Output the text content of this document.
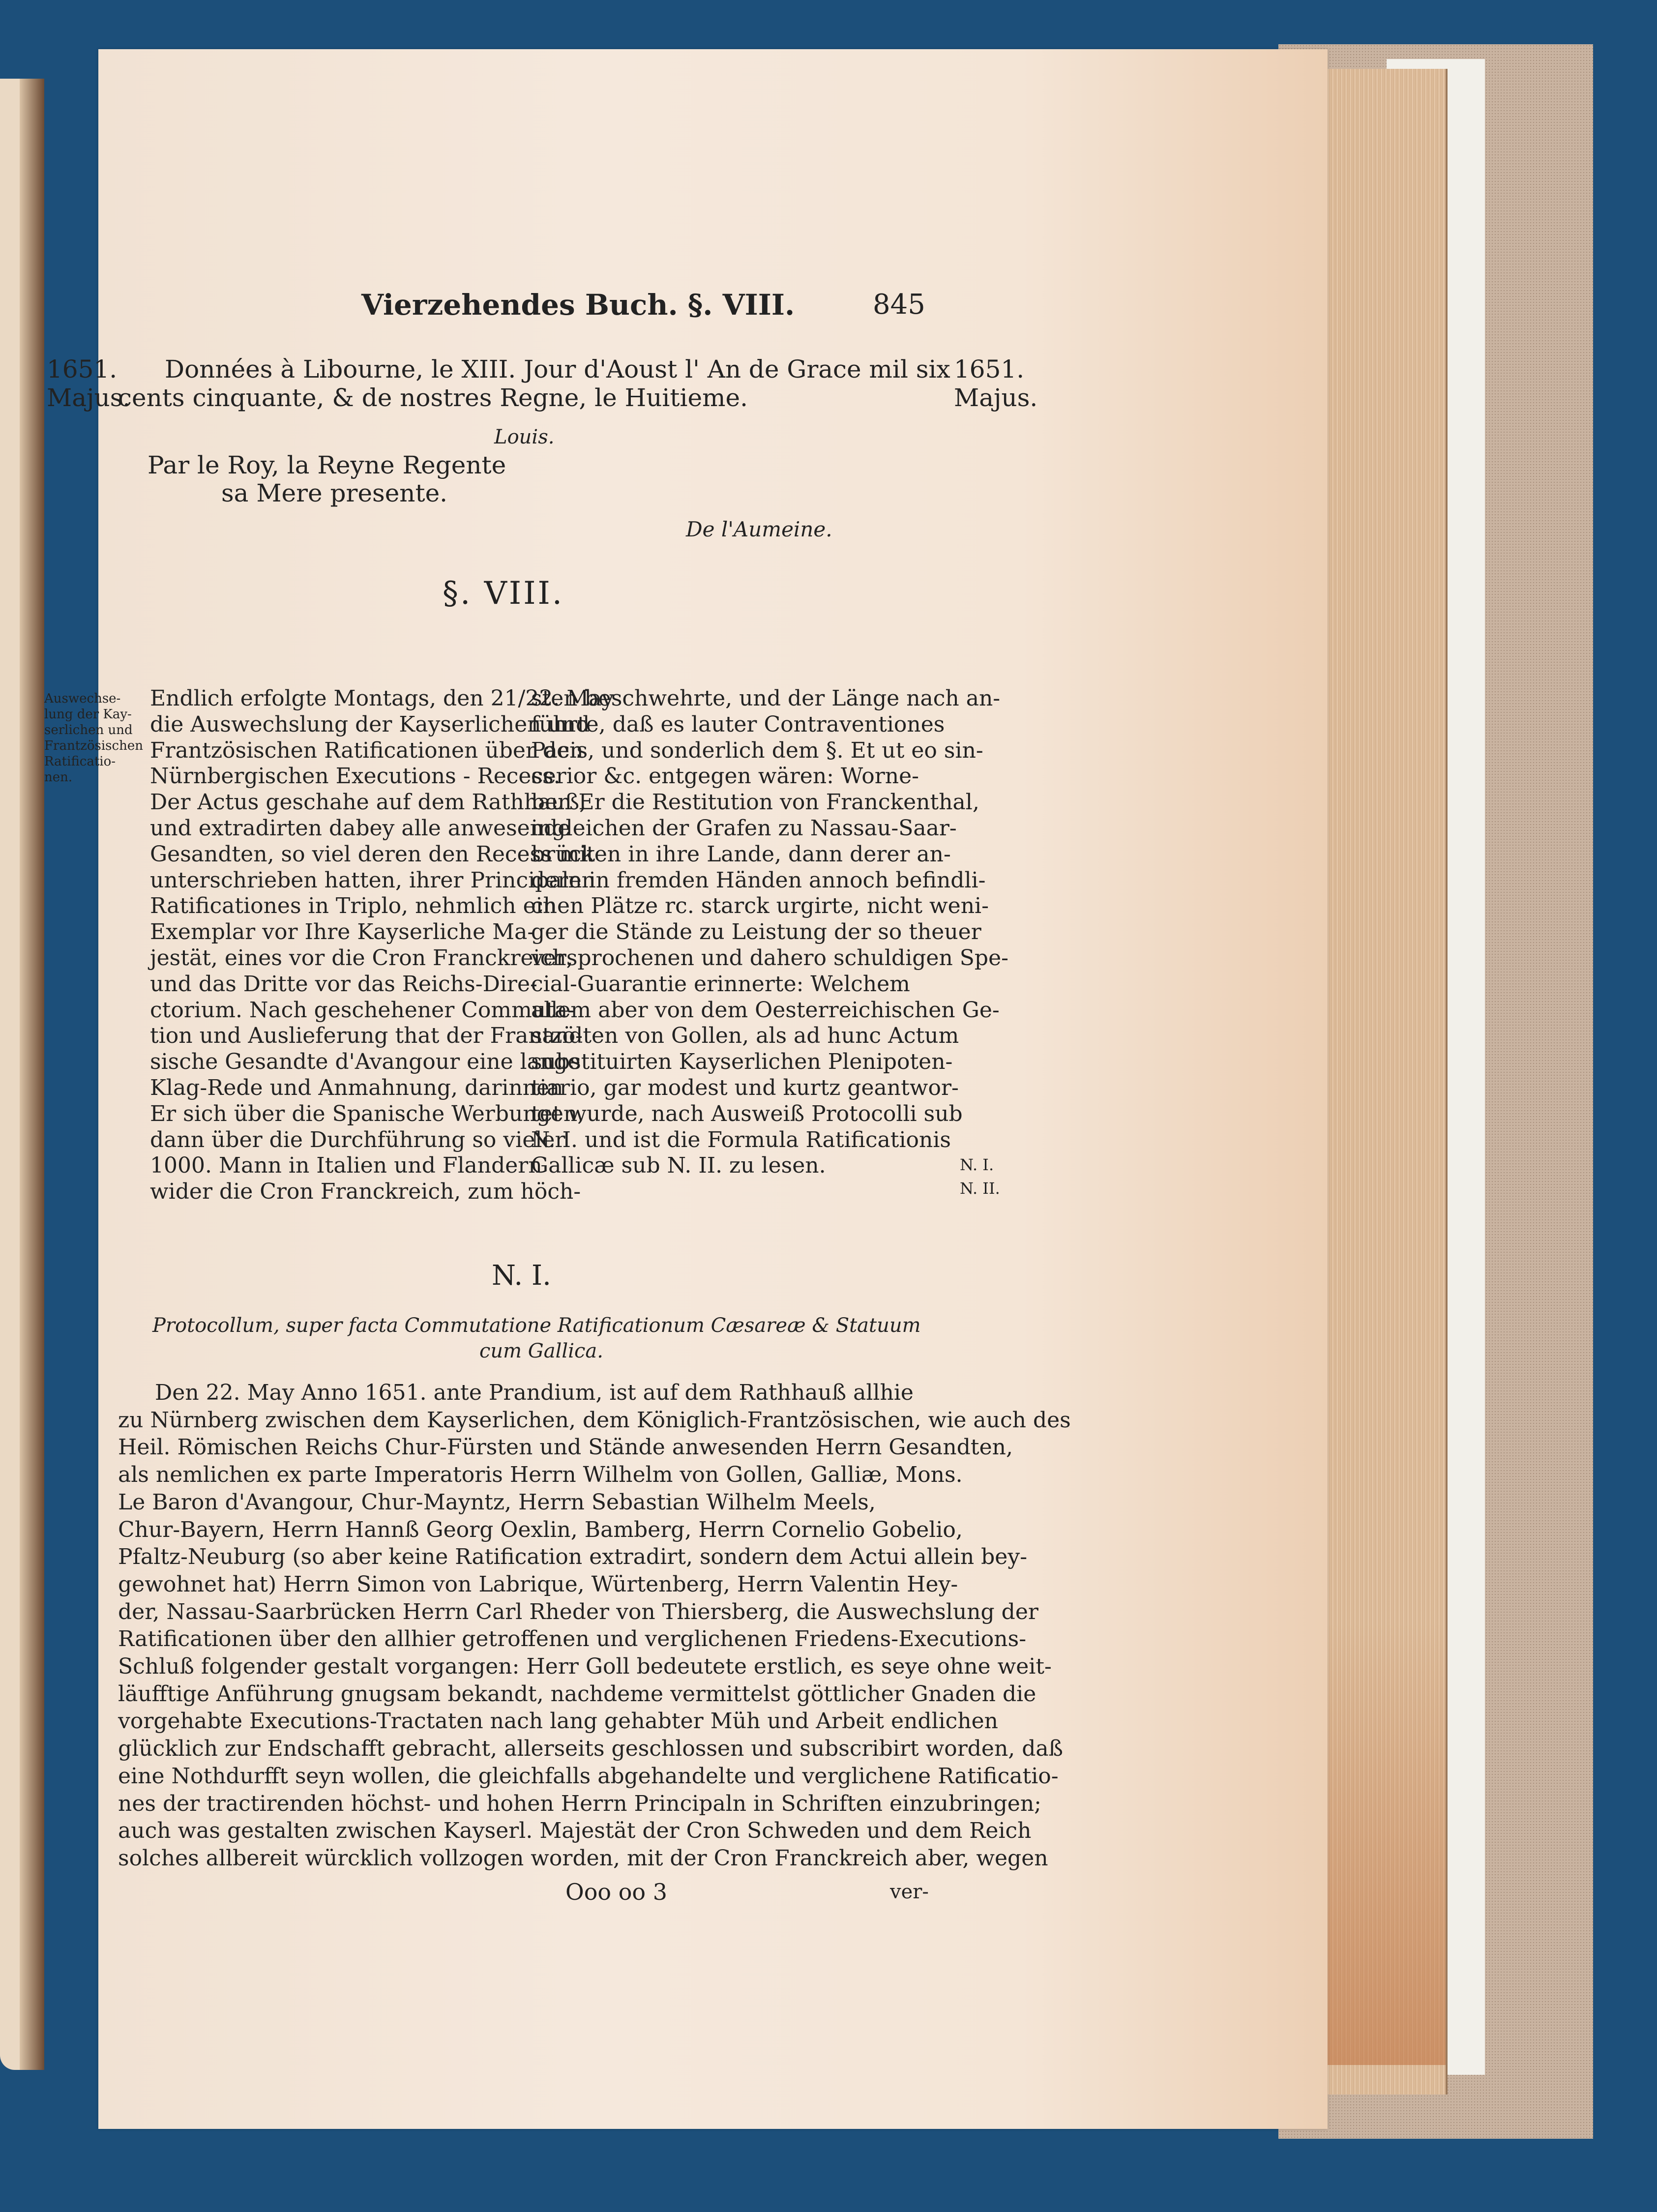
Vierzehendes Buch. §. VIII.	845
1651.
Majus.
1651.
Majus.
Données à Libourne, le XIII. Jour d'Aoust l' An de Grace mil six
cents cinquante, & de nostres Regne, le Huitieme.
Louis.
Par le Roy, la Reyne Regente
sa Mere presente.
De l'Aumeine.
§. VIII.
Auswechse-
lung der Kay-
serlichen und
Frantzösischen
Ratificatio-
nen.
Endlich erfolgte Montags, den 21/22. May
die Auswechslung der Kayserlichen und
Frantzösischen Ratificationen über den
Nürnbergischen Executions - Recess.
Der Actus geschahe auf dem Rathhauß,
und extradirten dabey alle anwesende
Gesandten, so viel deren den Recess mit
unterschrieben hatten, ihrer Principalen
Ratificationes in Triplo, nehmlich ein
Exemplar vor Ihre Kayserliche Ma-
jestät, eines vor die Cron Franckreich,
und das Dritte vor das Reichs-Dire-
ctorium. Nach geschehener Commuta-
tion und Auslieferung that der Frantzö-
sische Gesandte d'Avangour eine lange
Klag-Rede und Anmahnung, darinnen
Er sich über die Spanische Werbungen,
dann über die Durchführung so vieler
1000. Mann in Italien und Flandern
wider die Cron Franckreich, zum höch-
sten beschwehrte, und der Länge nach an-
führte, daß es lauter Contraventiones
Pacis, und sonderlich dem §. Et ut eo sin-
cerior &c. entgegen wären: Worne-
ben Er die Restitution von Franckenthal,
ingleichen der Grafen zu Nassau-Saar-
brücken in ihre Lande, dann derer an-
dern in fremden Händen annoch befindli-
chen Plätze rc. starck urgirte, nicht weni-
ger die Stände zu Leistung der so theuer
versprochenen und dahero schuldigen Spe-
cial-Guarantie erinnerte: Welchem
allem aber von dem Oesterreichischen Ge-
sandten von Gollen, als ad hunc Actum
substituirten Kayserlichen Plenipoten-
tiario, gar modest und kurtz geantwor-
tet wurde, nach Ausweiß Protocolli sub
N. I. und ist die Formula Ratificationis
Gallicæ sub N. II. zu lesen.	N. I.
N. II.
N. I.
Protocollum, super facta Commutatione Ratificationum Cæsareæ & Statuum
cum Gallica.
Den 22. May Anno 1651. ante Prandium, ist auf dem Rathhauß allhie
zu Nürnberg zwischen dem Kayserlichen, dem Königlich-Frantzösischen, wie auch des
Heil. Römischen Reichs Chur-Fürsten und Stände anwesenden Herrn Gesandten,
als nemlichen ex parte Imperatoris Herrn Wilhelm von Gollen, Galliæ, Mons.
Le Baron d'Avangour, Chur-Mayntz, Herrn Sebastian Wilhelm Meels,
Chur-Bayern, Herrn Hannß Georg Oexlin, Bamberg, Herrn Cornelio Gobelio,
Pfaltz-Neuburg (so aber keine Ratification extradirt, sondern dem Actui allein bey-
gewohnet hat) Herrn Simon von Labrique, Würtenberg, Herrn Valentin Hey-
der, Nassau-Saarbrücken Herrn Carl Rheder von Thiersberg, die Auswechslung der
Ratificationen über den allhier getroffenen und verglichenen Friedens-Executions-
Schluß folgender gestalt vorgangen: Herr Goll bedeutete erstlich, es seye ohne weit-
läufftige Anführung gnugsam bekandt, nachdeme vermittelst göttlicher Gnaden die
vorgehabte Executions-Tractaten nach lang gehabter Müh und Arbeit endlichen
glücklich zur Endschafft gebracht, allerseits geschlossen und subscribirt worden, daß
eine Nothdurfft seyn wollen, die gleichfalls abgehandelte und verglichene Ratificatio-
nes der tractirenden höchst- und hohen Herrn Principaln in Schriften einzubringen;
auch was gestalten zwischen Kayserl. Majestät der Cron Schweden und dem Reich
solches allbereit würcklich vollzogen worden, mit der Cron Franckreich aber, wegen
Ooo oo 3	ver-
